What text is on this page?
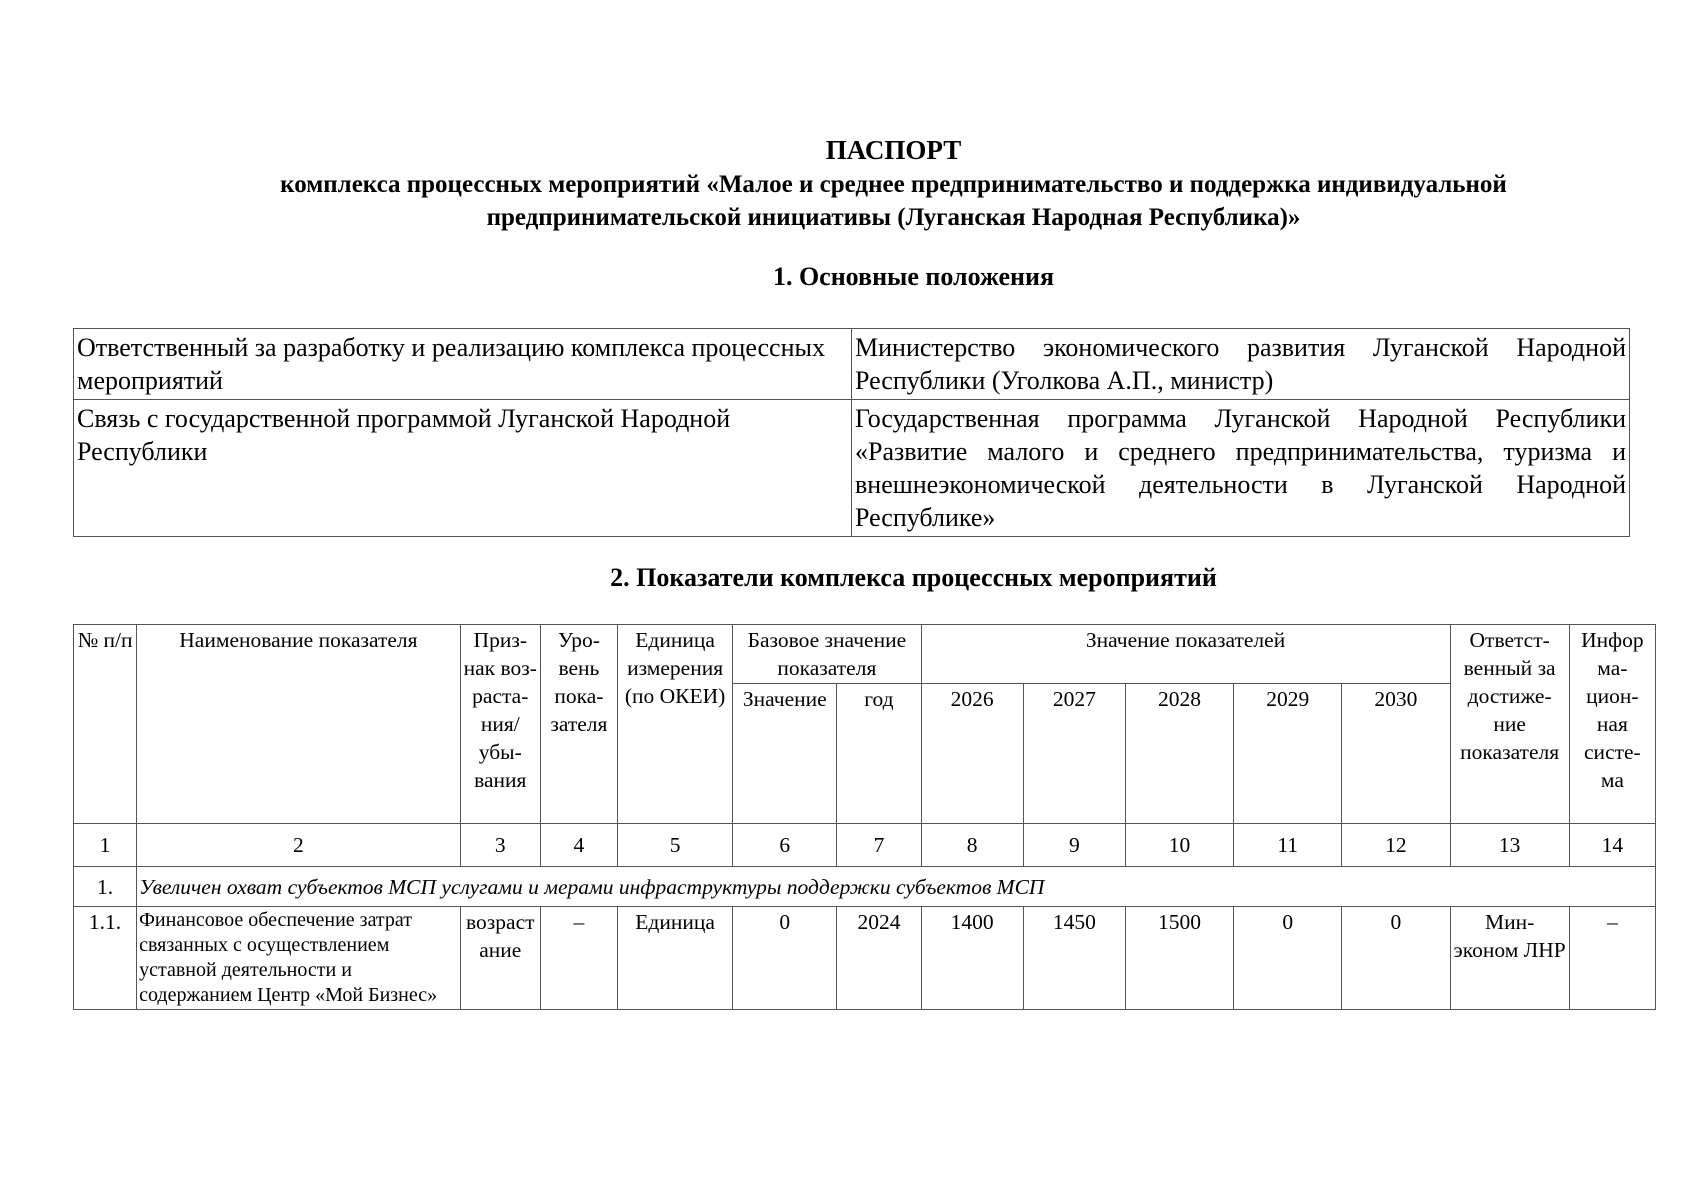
ПАСПОРТ
комплекса процессных мероприятий «Малое и среднее предпринимательство и поддержка индивидуальной
предпринимательской инициативы (Луганская Народная Республика)»
1. Основные положения
Ответственный за разработку и реализацию комплекса процессных мероприятий	Министерство экономического развития Луганской Народной Республики (Уголкова А.П., министр)
Связь с государственной программой Луганской Народной Республики	Государственная программа Луганской Народной Республики «Развитие малого и среднего предпринимательства, туризма и внешнеэкономической деятельности в Луганской Народной Республике»
2. Показатели комплекса процессных мероприятий
№ п/п	Наименование показателя	Приз- нак воз- раста- ния/ убы- вания	Уро- вень пока- зателя	Единица измерения (по ОКЕИ)	Базовое значение показателя		Значение показателей					Ответст- венный за достиже- ние показателя	Инфор ма- цион- ная систе- ма
					Значение	год	2026	2027	2028	2029	2030		
1	2	3	4	5	6	7	8	9	10	11	12	13	14
1.	Увеличен охват субъектов МСП услугами и мерами инфраструктуры поддержки субъектов МСП												
1.1.	Финансовое обеспечение затрат связанных с осуществлением уставной деятельности и содержанием Центр «Мой Бизнес»	возраст ание	–	Единица	0	2024	1400	1450	1500	0	0	Мин- эконом ЛНР	–
